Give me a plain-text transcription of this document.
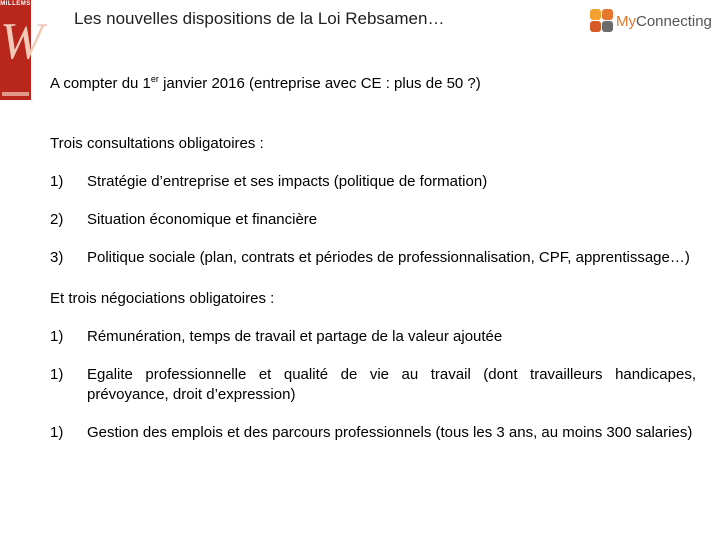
MILLEMS
W Les nouvelles dispositions de la Loi Rebsamen…	MyConnecting

A compter du 1er janvier 2016 (entreprise avec CE : plus de 50 ?)

Trois consultations obligatoires :

1)	Stratégie d’entreprise et ses impacts (politique de formation)
2)	Situation économique et financière
3)	Politique sociale (plan, contrats et périodes de professionnalisation, CPF, apprentissage…)

Et trois négociations obligatoires :

1)	Rémunération, temps de travail et partage de la valeur ajoutée
1)	Egalite professionnelle et qualité de vie au travail (dont travailleurs handicapes, prévoyance, droit d’expression)
1)	Gestion des emplois et des parcours professionnels (tous les 3 ans, au moins 300 salaries)
